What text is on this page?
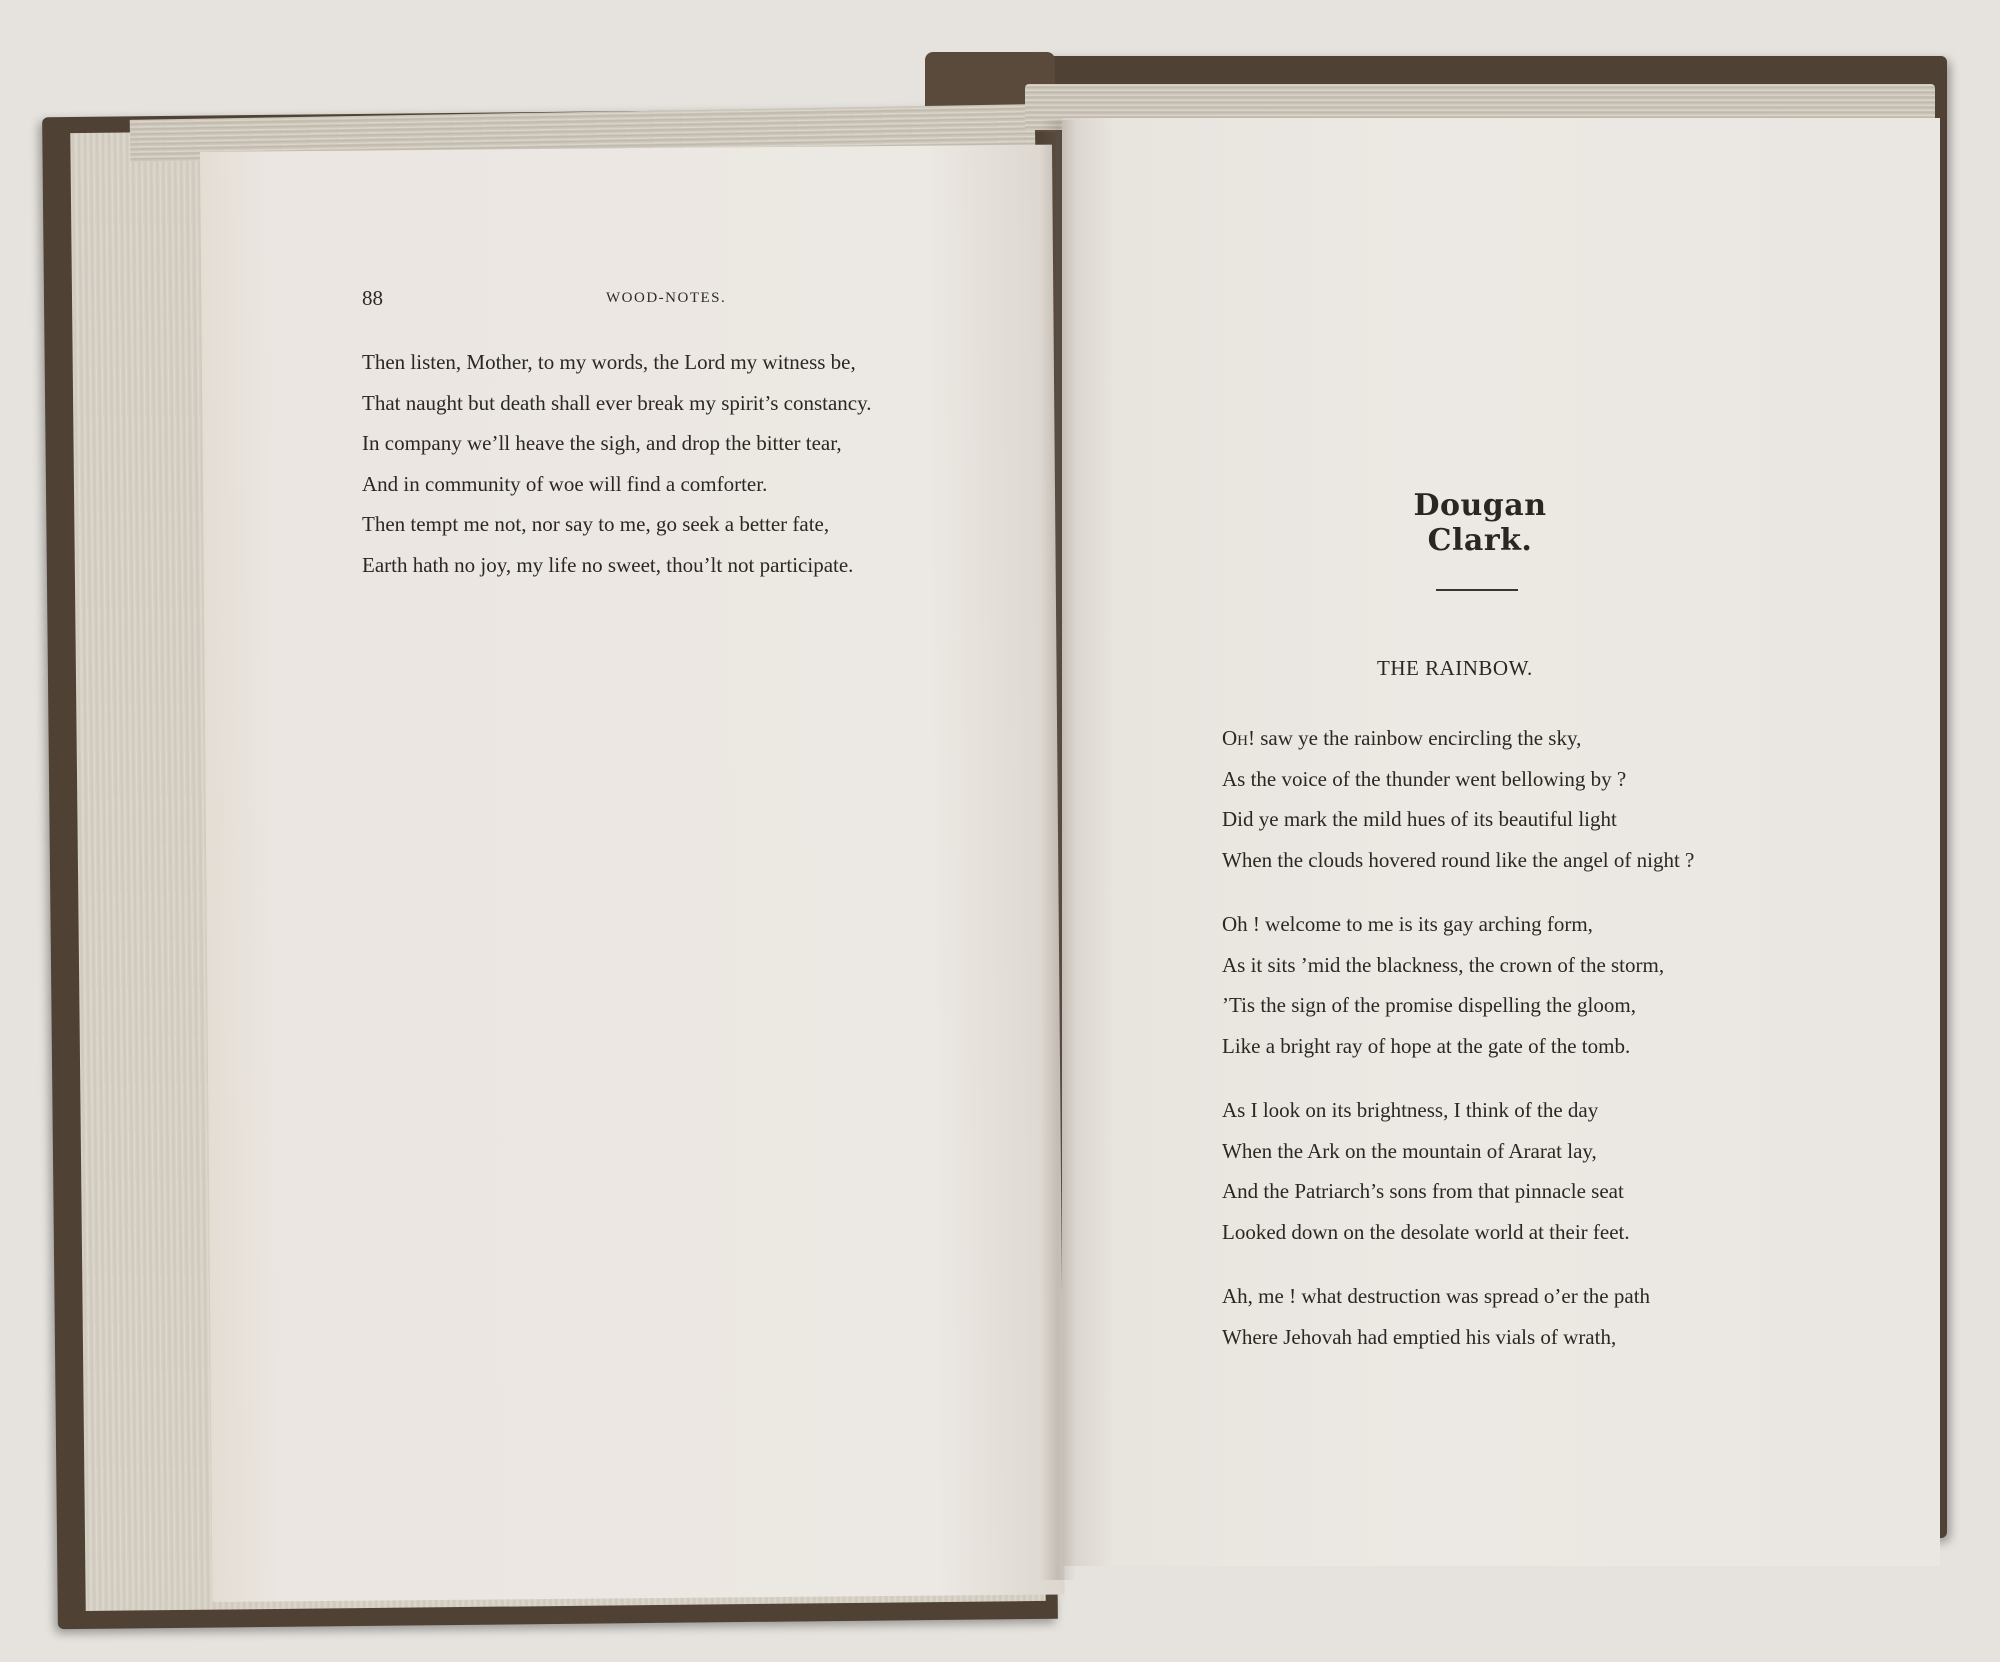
88	WOOD-NOTES.
Then listen, Mother, to my words, the Lord my witness be,
That naught but death shall ever break my spirit’s constancy.
In company we’ll heave the sigh, and drop the bitter tear,
And in community of woe will find a comforter.
Then tempt me not, nor say to me, go seek a better fate,
Earth hath no joy, my life no sweet, thou’lt not participate.
Dougan Clark.
THE RAINBOW.
Oh! saw ye the rainbow encircling the sky,
As the voice of the thunder went bellowing by ?
Did ye mark the mild hues of its beautiful light
When the clouds hovered round like the angel of night ?
Oh ! welcome to me is its gay arching form,
As it sits ’mid the blackness, the crown of the storm,
’Tis the sign of the promise dispelling the gloom,
Like a bright ray of hope at the gate of the tomb.
As I look on its brightness, I think of the day
When the Ark on the mountain of Ararat lay,
And the Patriarch’s sons from that pinnacle seat
Looked down on the desolate world at their feet.
Ah, me ! what destruction was spread o’er the path
Where Jehovah had emptied his vials of wrath,
